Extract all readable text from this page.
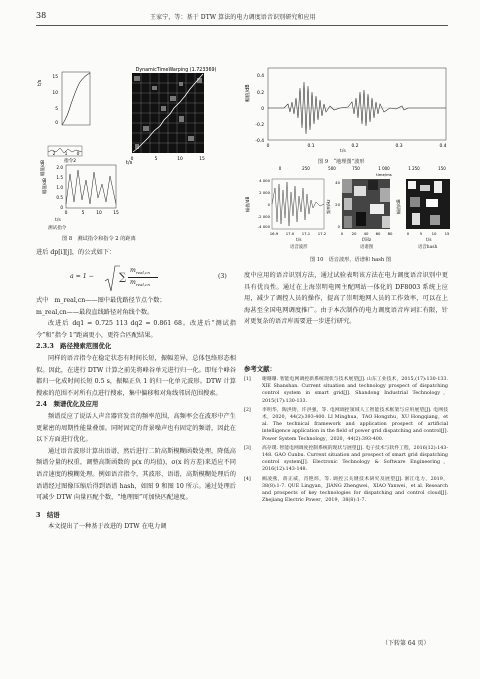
38	王家宁，等：基于 DTW 算法的电力调度语音识别研究和应用
t/s
15
10
5
0
DynamicTimeWarping (1.723369)
t/s
0	5	10	15
幅值/dB	指令2
2 1 0
幅值/dB
2.0
1.5
1.0
0.5
0
0	5	10	15
t/s
测试指令
图 8　测试指令和指令 2 的距离

进后 dp[i][j]，的公式如下：

a = 1 −	∑
$m_{real,cn}$
$m_{real,cn}$
(3)

式中　m_real,cn——图中最优路径节点个数；

m_real,cn——最段直线路径对角线个数。

改进后 dq1 = 0.725 113 dq2 = 0.861 68。改进后“测试指令”和“指令 1”距离更小，更符合匹配结果。

2.3.3　路径搜索范围优化

同样的语音指令在稳定状态有时间长短，振幅差异，总体包络形态相似。因此，在进行 DTW 计算之前先将峰谷单元进行归一化。即每个峰谷都归一化成时间长短 0.5 s，振幅正负 1 的归一化单元波形。DTW 计算搜索的范围不对所有点进行搜索，集中偏移和对角线邻居范围搜索。

2.4　频谱优化及应用

频谱反应了说话人声音器官发音的频率范围，高频率会在波形中产生更紧密的周期性能量叠加。同时固定的背景噪声也有固定的频谱，因此在以下方面进行优化。

通过语音波形计算出语谱，然后进行二阶高斯模糊函数处理，降低高频谱分量的权重，调整高斯函数的 p(x 的均值)，σ(x 的方差)来适应不同语音速度的模糊处理。例如语音指令，其波形、语谱，高斯模糊处理后的语谱经过图像压缩后得到语谱 hash，如图 9 和图 10 所示。通过处理后可减少 DTW 向量匹配个数，“地理图”可加快匹配速度。

3　结语

本文提出了一种基于改进的 DTW 在电力调

幅值/dB
0.4
0.2
0
-0.2
-0.4
0	0.1	0.2	0.3	0.4
t/s
图 9　“地理图”波形
0	250	500	750	1 000	1 250	150
time/ms
幅值/dB
4 000
2 000
0
-2 000
-4 000
16.9 17.0 17.1 17.2
频率/Hz
40
20
0
0 20 40 60 80
幅值/dB
0	5 10 15
t/s
语音波形
f/Hz
语谱图
t/s
语音hash
图 10　语音波形、语谱和 hash 图

度中应用的语音识别方法，通过试验表明该方法在电力调度语音识别中更具有优良性。通过在上海崇明电网主配网站一体化的 DF8003 系统上应用，减少了调控人员的操作，提高了崇明地网人员的工作效率，可以在上海甚至全国电网调度推广。由于本次制作的电力调度语音库词汇有限，针对更复杂的语音库需要进一步进行研究。

参考文献：
[1] 谢珊珊. 智能电网调控新系统现状与技术展望[J]. 山东工业技术，2015,(17):130-133. XIE Shanshan. Current situation and technology prospect of dispatching control system in smart grid[J]. Shandong Industrial Technology，2015(17):130-133.
[2] 李明华，陶洪铸，许洪强，等. 电网调控领域人工智能技术框架与应用展望[J]. 电网技术，2020，44(2):393-400. LI Minghua，TAO Hongzhu，XU Hongqiang，et al. The technical framework and application prospect of artificial intelligence application in the field of power grid dispatching and control[J]. Power System Technology，2020，44(2):393-400.
[3] 高存璞. 智能电网调度控制系统的现状与展望[J]. 电子技术与软件工程，2016(12):143-148. GAO Cunbu. Current situation and prospect of smart grid dispatching control system[J]. Electronic Technology & Software Engineering，2016(12):143-148.
[4] 阙凌燕，蒋正威，肖艳炜，等. 调控云关键技术研究及展望[J]. 浙江电力，2019，38(8):1-7. QUE Lingyan，JIANG Zhengwei，XIAO Yanwei，et al. Research and prospects of key technologies for dispatching and control cloud[J]. Zhejiang Electric Power，2019，38(8):1-7.
（下转第 64 页）
